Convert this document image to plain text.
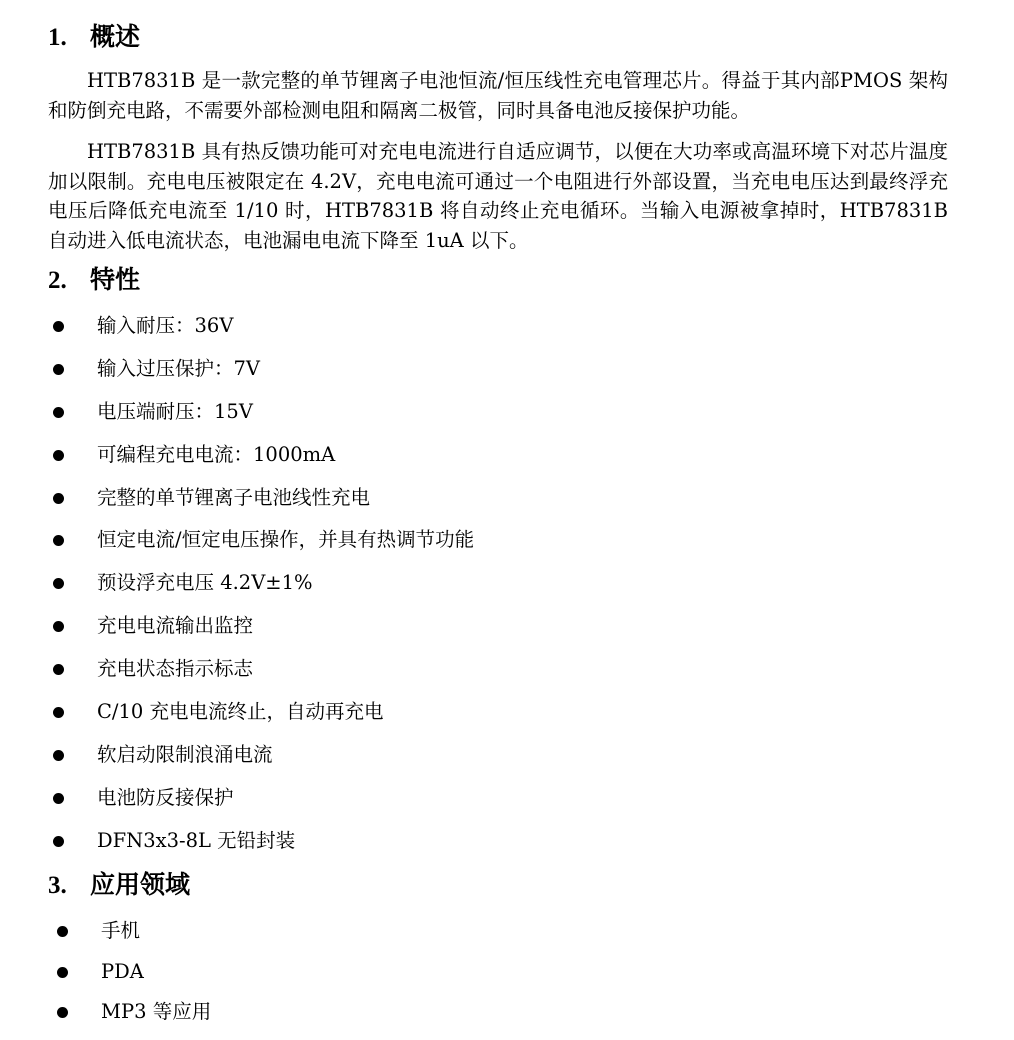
1. 概述

HTB7831B 是一款完整的单节锂离子电池恒流/恒压线性充电管理芯片。得益于其内部PMOS 架构和防倒充电路，不需要外部检测电阻和隔离二极管，同时具备电池反接保护功能。

HTB7831B 具有热反馈功能可对充电电流进行自适应调节，以便在大功率或高温环境下对芯片温度加以限制。充电电压被限定在 4.2V，充电电流可通过一个电阻进行外部设置，当充电电压达到最终浮充电压后降低充电流至 1/10 时，HTB7831B 将自动终止充电循环。当输入电源被拿掉时，HTB7831B 自动进入低电流状态，电池漏电电流下降至 1uA 以下。

2. 特性
输入耐压：36V
输入过压保护：7V
电压端耐压：15V
可编程充电电流：1000mA
完整的单节锂离子电池线性充电
恒定电流/恒定电压操作，并具有热调节功能
预设浮充电压 4.2V±1%
充电电流输出监控
充电状态指示标志
C/10 充电电流终止，自动再充电
软启动限制浪涌电流
电池防反接保护
DFN3x3-8L 无铅封装
3. 应用领域
手机
PDA
MP3 等应用
